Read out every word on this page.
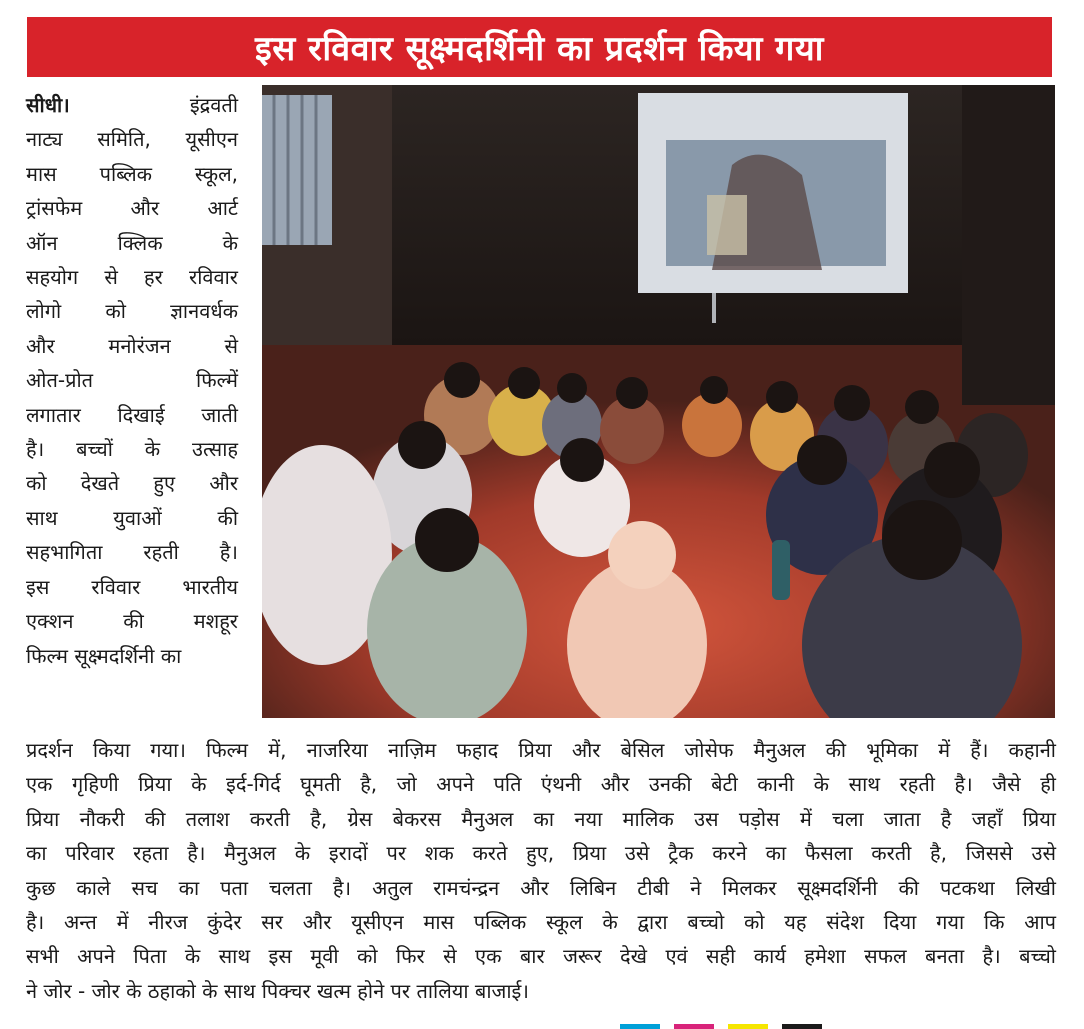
इस रविवार सूक्ष्मदर्शिनी का प्रदर्शन किया गया
सीधी। इंद्रवती
नाट्य समिति, यूसीएन
मास पब्लिक स्कूल,
ट्रांसफेम और आर्ट
ऑन क्लिक के
सहयोग से हर रविवार
लोगो को ज्ञानवर्धक
और मनोरंजन से
ओत-प्रोत फिल्में
लगातार दिखाई जाती
है। बच्चों के उत्साह
को देखते हुए और
साथ युवाओं की
सहभागिता रहती है।
इस रविवार भारतीय
एक्शन की मशहूर
फिल्म सूक्ष्मदर्शिनी का
प्रदर्शन किया गया। फिल्म में, नाजरिया नाज़िम फहाद प्रिया और बेसिल जोसेफ मैनुअल की भूमिका में हैं। कहानी
एक गृहिणी प्रिया के इर्द-गिर्द घूमती है, जो अपने पति एंथनी और उनकी बेटी कानी के साथ रहती है। जैसे ही
प्रिया नौकरी की तलाश करती है, ग्रेस बेकरस मैनुअल का नया मालिक उस पड़ोस में चला जाता है जहाँ प्रिया
का परिवार रहता है। मैनुअल के इरादों पर शक करते हुए, प्रिया उसे ट्रैक करने का फैसला करती है, जिससे उसे
कुछ काले सच का पता चलता है। अतुल रामचंन्द्रन और लिबिन टीबी ने मिलकर सूक्ष्मदर्शिनी की पटकथा लिखी
है। अन्त में नीरज कुंदेर सर और यूसीएन मास पब्लिक स्कूल के द्वारा बच्चो को यह संदेश दिया गया कि आप
सभी अपने पिता के साथ इस मूवी को फिर से एक बार जरूर देखे एवं सही कार्य हमेशा सफल बनता है। बच्चो
ने जोर - जोर के ठहाको के साथ पिक्चर खत्म होने पर तालिया बाजाई।
